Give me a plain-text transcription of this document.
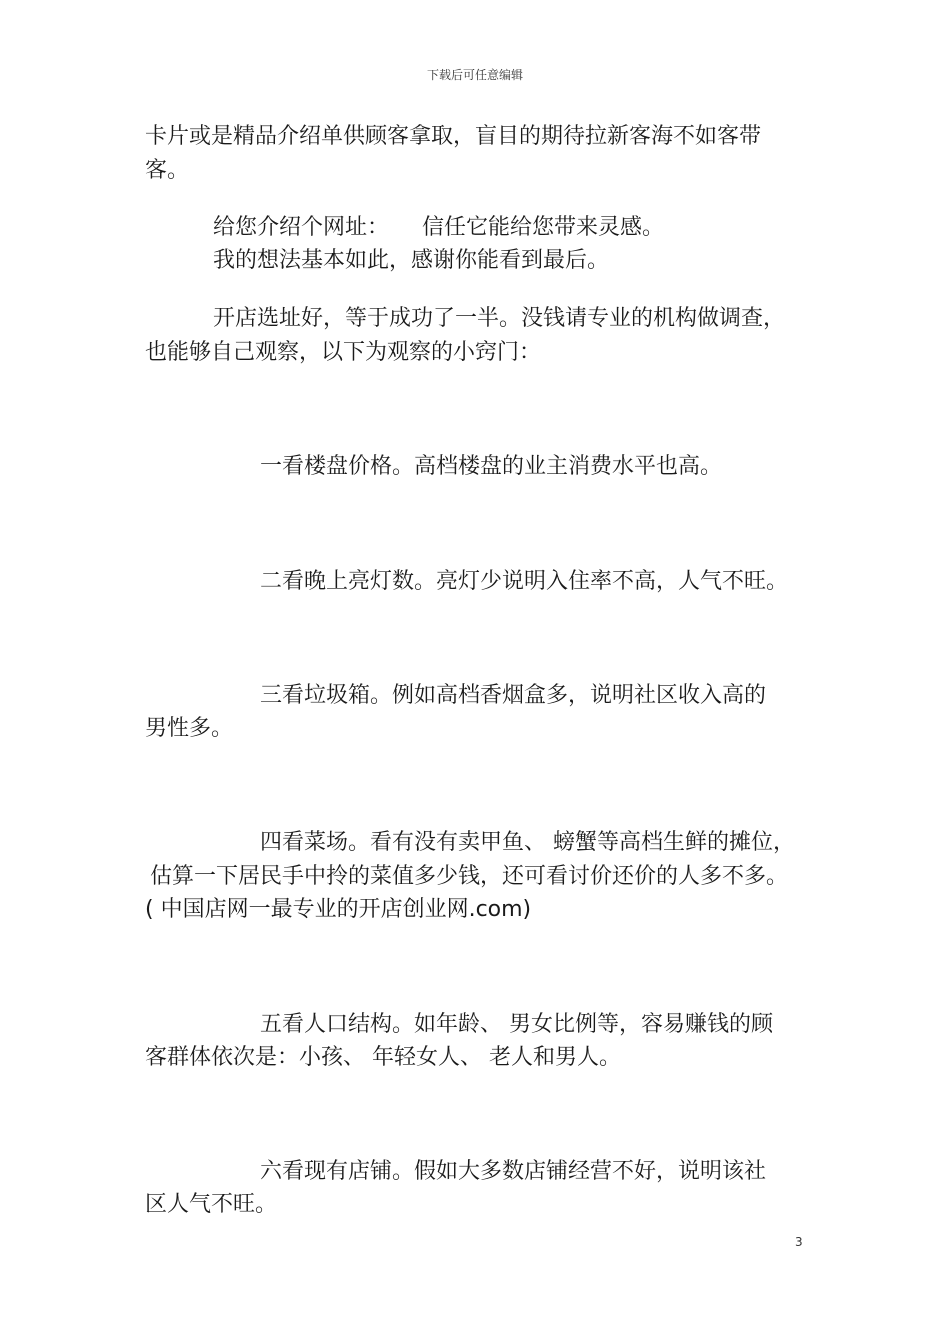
下载后可任意编辑
卡片或是精品介绍单供顾客拿取，盲目的期待拉新客海不如客带
客。
给您介绍个网址：　　信任它能给您带来灵感。
我的想法基本如此，感谢你能看到最后。
开店选址好，等于成功了一半。没钱请专业的机构做调查，
也能够自己观察，以下为观察的小窍门：
一看楼盘价格。高档楼盘的业主消费水平也高。
二看晚上亮灯数。亮灯少说明入住率不高，人气不旺。
三看垃圾箱。例如高档香烟盒多，说明社区收入高的
男性多。
四看菜场。看有没有卖甲鱼、 螃蟹等高档生鲜的摊位，
估算一下居民手中拎的菜值多少钱，还可看讨价还价的人多不多。
( 中国店网一最专业的开店创业网.com)
五看人口结构。如年龄、 男女比例等，容易赚钱的顾
客群体依次是：小孩、 年轻女人、 老人和男人。
六看现有店铺。假如大多数店铺经营不好，说明该社
区人气不旺。
3
